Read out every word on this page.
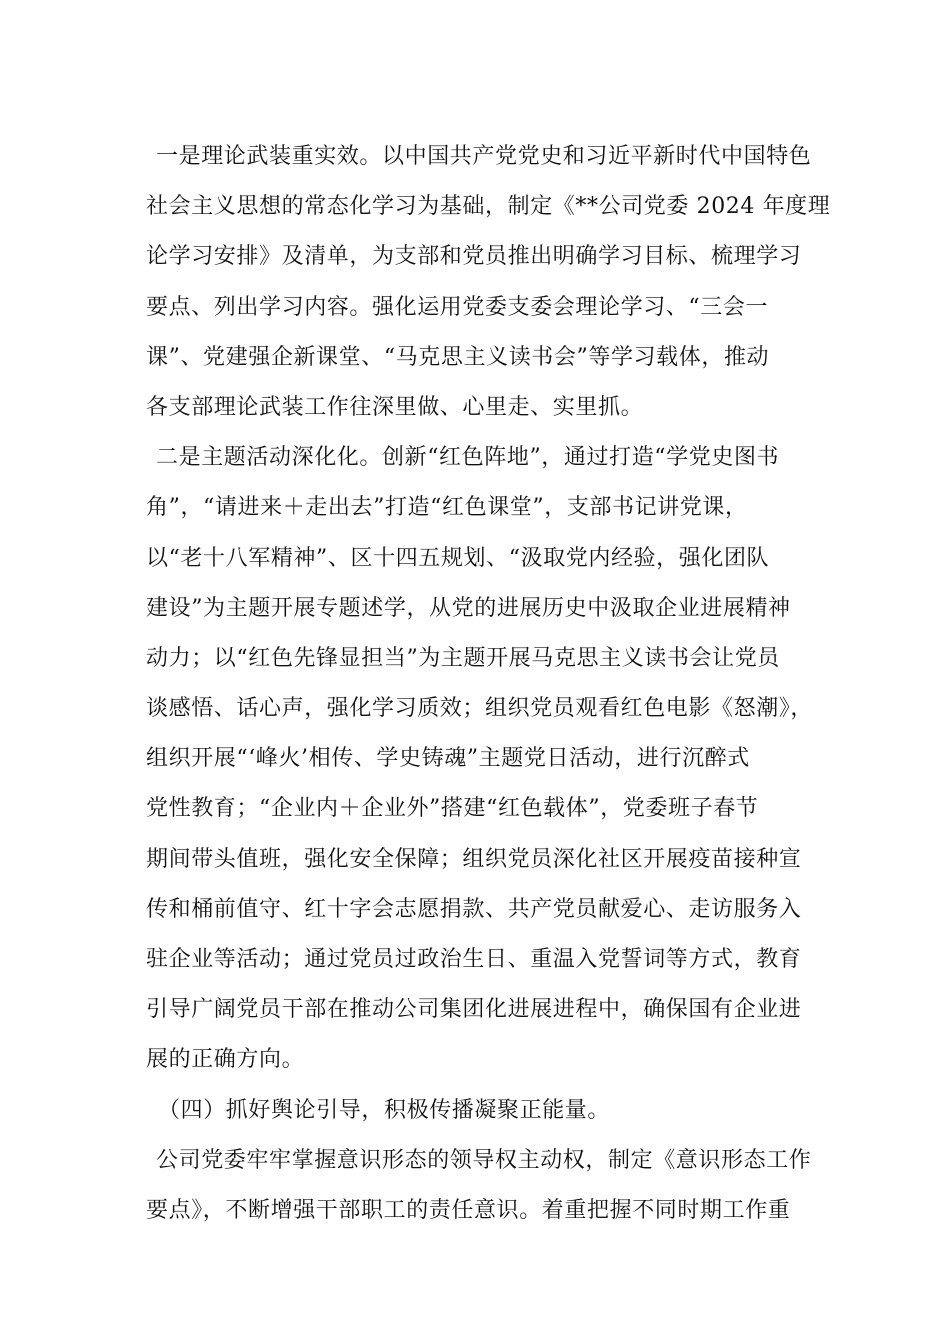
一是理论武装重实效。以中国共产党党史和习近平新时代中国特色
社会主义思想的常态化学习为基础，制定《**公司党委 2024 年度理
论学习安排》及清单，为支部和党员推出明确学习目标、梳理学习
要点、列出学习内容。强化运用党委支委会理论学习、“三会一
课”、党建强企新课堂、“马克思主义读书会”等学习载体，推动
各支部理论武装工作往深里做、心里走、实里抓。
二是主题活动深化化。创新“红色阵地”，通过打造“学党史图书
角”，“请进来＋走出去”打造“红色课堂”，支部书记讲党课，
以“老十八军精神”、区十四五规划、“汲取党内经验，强化团队
建设”为主题开展专题述学，从党的进展历史中汲取企业进展精神
动力；以“红色先锋显担当”为主题开展马克思主义读书会让党员
谈感悟、话心声，强化学习质效；组织党员观看红色电影《怒潮》，
组织开展“‘峰火’相传、学史铸魂”主题党日活动，进行沉醉式
党性教育；“企业内＋企业外”搭建“红色载体”，党委班子春节
期间带头值班，强化安全保障；组织党员深化社区开展疫苗接种宣
传和桶前值守、红十字会志愿捐款、共产党员献爱心、走访服务入
驻企业等活动；通过党员过政治生日、重温入党誓词等方式，教育
引导广阔党员干部在推动公司集团化进展进程中，确保国有企业进
展的正确方向。
（四）抓好舆论引导，积极传播凝聚正能量。
公司党委牢牢掌握意识形态的领导权主动权，制定《意识形态工作
要点》，不断增强干部职工的责任意识。着重把握不同时期工作重
